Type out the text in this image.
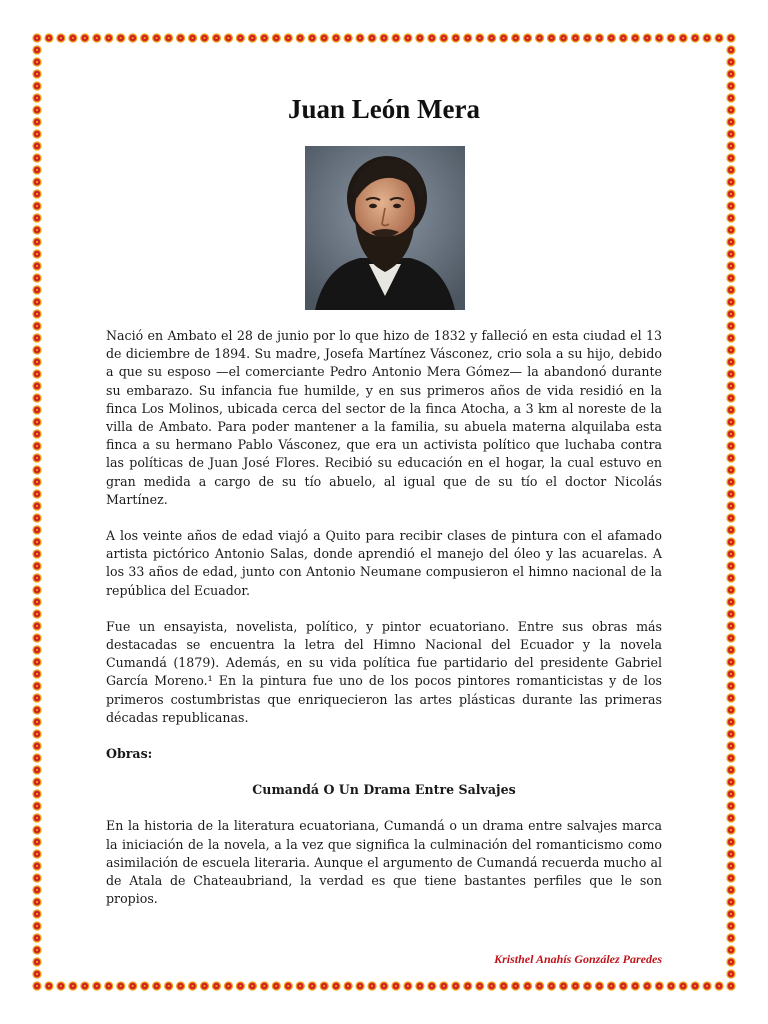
Juan León Mera

Nació en Ambato el 28 de junio por lo que hizo de 1832 y falleció en esta ciudad el 13 de diciembre de 1894. Su madre, Josefa Martínez Vásconez, crio sola a su hijo, debido a que su esposo —el comerciante Pedro Antonio Mera Gómez— la abandonó durante su embarazo. Su infancia fue humilde, y en sus primeros años de vida residió en la finca Los Molinos, ubicada cerca del sector de la finca Atocha, a 3 km al noreste de la villa de Ambato. Para poder mantener a la familia, su abuela materna alquilaba esta finca a su hermano Pablo Vásconez, que era un activista político que luchaba contra las políticas de Juan José Flores. Recibió su educación en el hogar, la cual estuvo en gran medida a cargo de su tío abuelo, al igual que de su tío el doctor Nicolás Martínez.

A los veinte años de edad viajó a Quito para recibir clases de pintura con el afamado artista pictórico Antonio Salas, donde aprendió el manejo del óleo y las acuarelas. A los 33 años de edad, junto con Antonio Neumane compusieron el himno nacional de la república del Ecuador.

Fue un ensayista, novelista, político, y pintor ecuatoriano. Entre sus obras más destacadas se encuentra la letra del Himno Nacional del Ecuador y la novela Cumandá (1879). Además, en su vida política fue partidario del presidente Gabriel García Moreno.¹ En la pintura fue uno de los pocos pintores romanticistas y de los primeros costumbristas que enriquecieron las artes plásticas durante las primeras décadas republicanas.

Obras:

Cumandá O Un Drama Entre Salvajes

En la historia de la literatura ecuatoriana, Cumandá o un drama entre salvajes marca la iniciación de la novela, a la vez que significa la culminación del romanticismo como asimilación de escuela literaria. Aunque el argumento de Cumandá recuerda mucho al de Atala de Chateaubriand, la verdad es que tiene bastantes perfiles que le son propios.

Kristhel Anahís González Paredes
